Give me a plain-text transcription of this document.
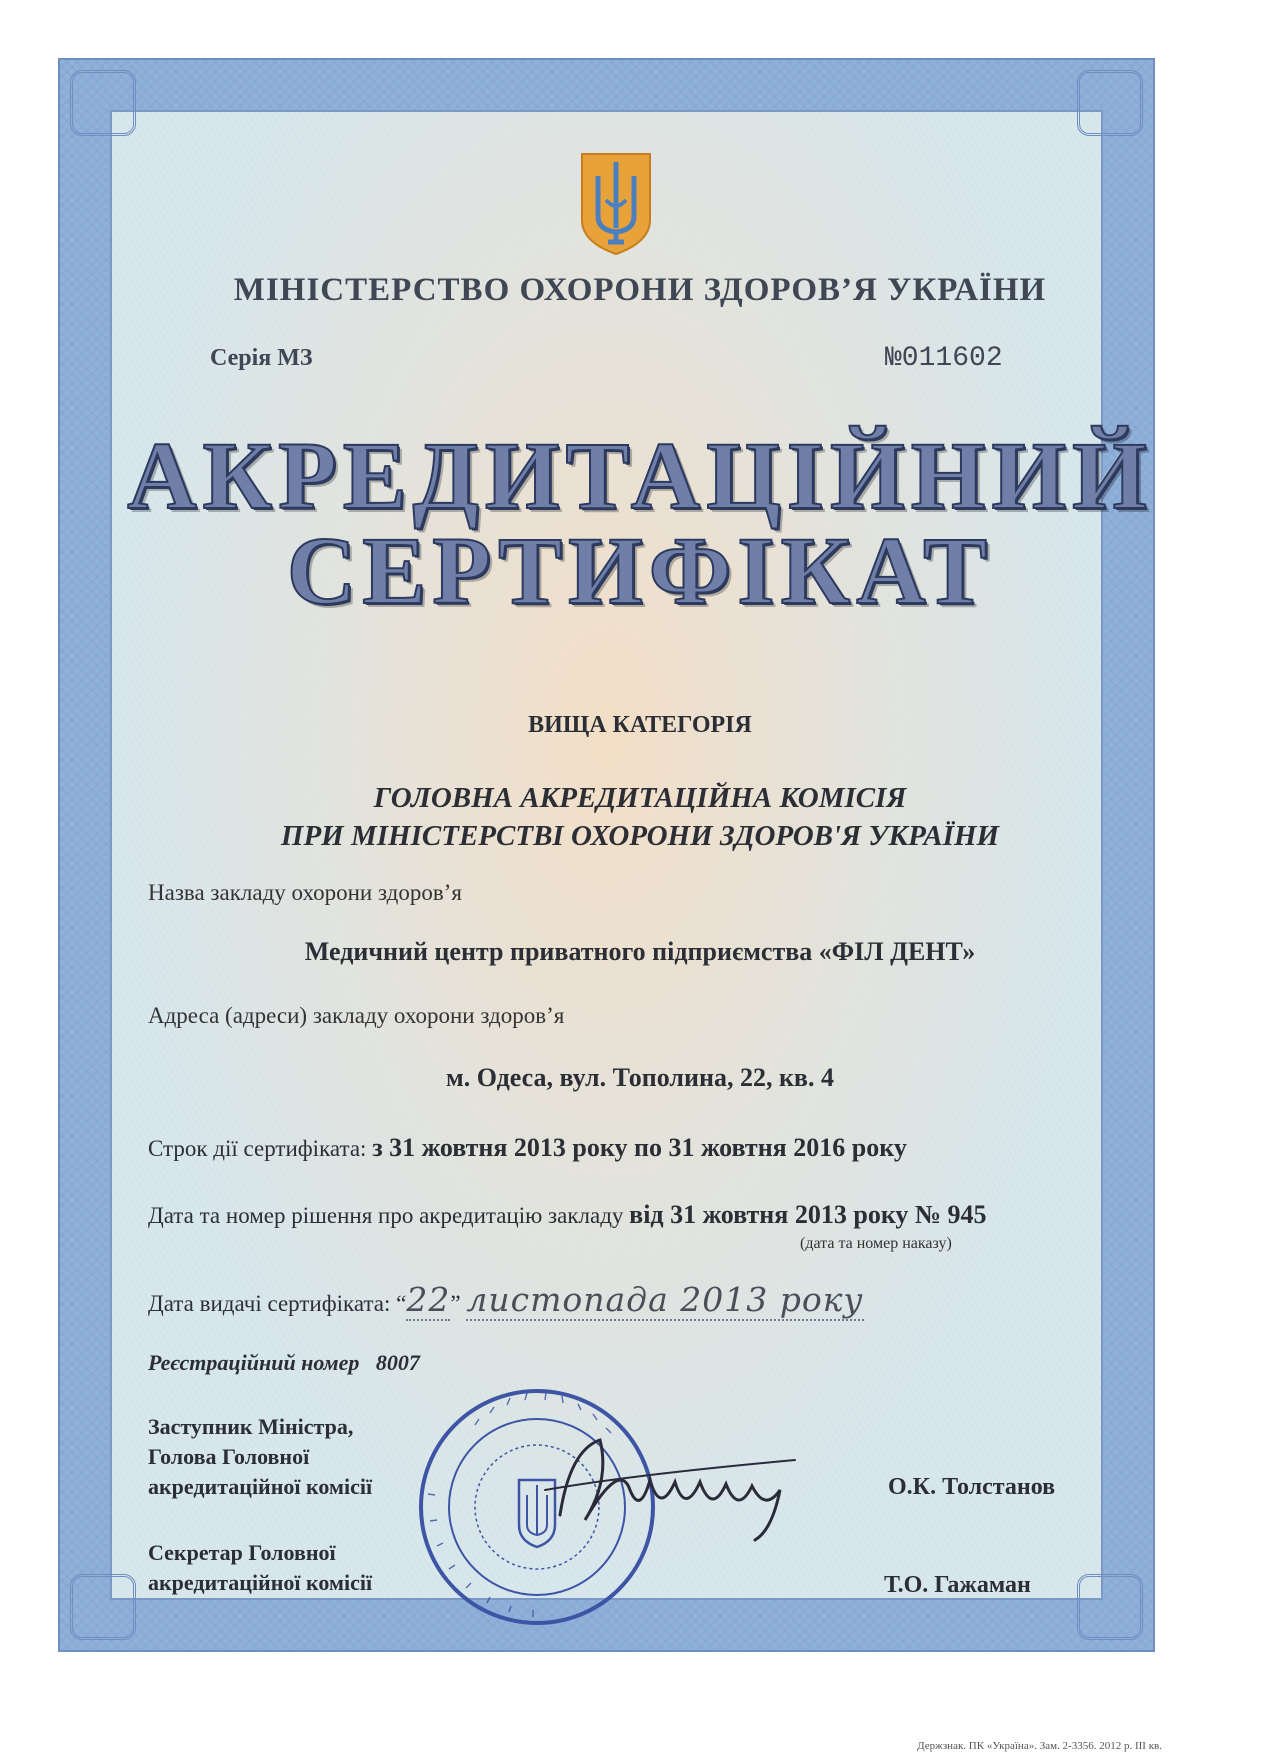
МІНІСТЕРСТВО ОХОРОНИ ЗДОРОВ’Я УКРАЇНИ
Серія МЗ	№011602
АКРЕДИТАЦІЙНИЙ
СЕРТИФІКАТ
ВИЩА КАТЕГОРІЯ
ГОЛОВНА АКРЕДИТАЦІЙНА КОМІСІЯ
ПРИ МІНІСТЕРСТВІ ОХОРОНИ ЗДОРОВ'Я УКРАЇНИ
Назва закладу охорони здоров’я
Медичний центр приватного підприємства «ФІЛ ДЕНТ»
Адреса (адреси) закладу охорони здоров’я
м. Одеса, вул. Тополина, 22, кв. 4
Строк дії сертифіката: з 31 жовтня 2013 року по 31 жовтня 2016 року
Дата та номер рішення про акредитацію закладу від 31 жовтня 2013 року № 945
(дата та номер наказу)
Дата видачі сертифіката: “22” листопада 2013 року
Реєстраційний номер 8007
Заступник Міністра,
Голова Головної
акредитаційної комісії	О.К. Толстанов
Секретар Головної
акредитаційної комісії	Т.О. Гажаман
Держзнак. ПК «Україна». Зам. 2-3356. 2012 р. ІІІ кв.
